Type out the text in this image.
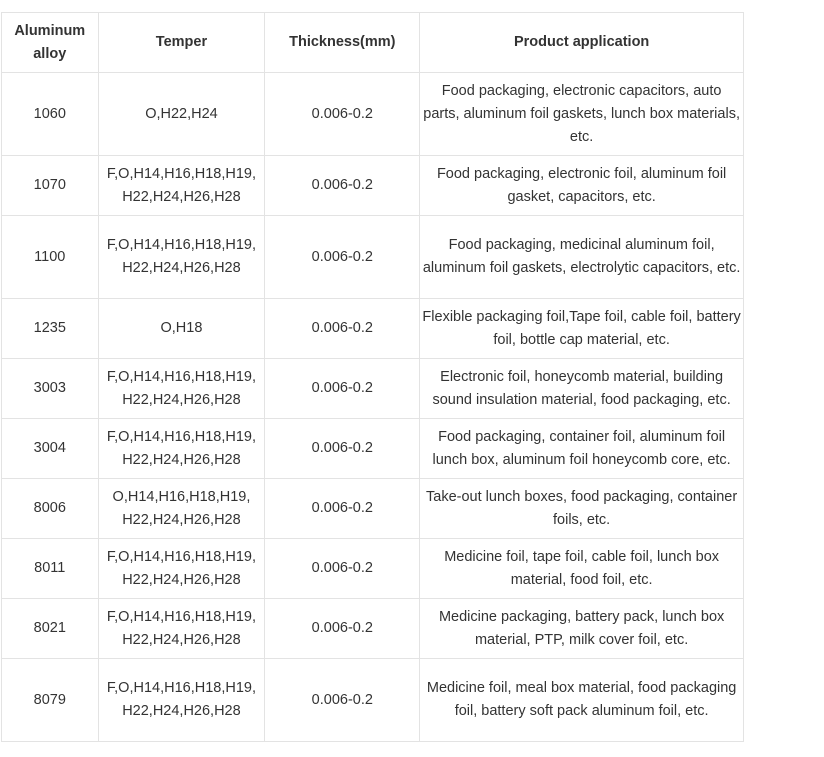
Aluminum alloy	Temper	Thickness(mm)	Product application
1060	O,H22,H24	0.006-0.2	Food packaging, electronic capacitors, auto parts, aluminum foil gaskets, lunch box materials, etc.
1070	F,O,H14,H16,H18,H19, H22,H24,H26,H28	0.006-0.2	Food packaging, electronic foil, aluminum foil gasket, capacitors, etc.
1100	F,O,H14,H16,H18,H19, H22,H24,H26,H28	0.006-0.2	Food packaging, medicinal aluminum foil, aluminum foil gaskets, electrolytic capacitors, etc.
1235	O,H18	0.006-0.2	Flexible packaging foil,Tape foil, cable foil, battery foil, bottle cap material, etc.
3003	F,O,H14,H16,H18,H19, H22,H24,H26,H28	0.006-0.2	Electronic foil, honeycomb material, building sound insulation material, food packaging, etc.
3004	F,O,H14,H16,H18,H19, H22,H24,H26,H28	0.006-0.2	Food packaging, container foil, aluminum foil lunch box, aluminum foil honeycomb core, etc.
8006	O,H14,H16,H18,H19, H22,H24,H26,H28	0.006-0.2	Take-out lunch boxes, food packaging, container foils, etc.
8011	F,O,H14,H16,H18,H19, H22,H24,H26,H28	0.006-0.2	Medicine foil, tape foil, cable foil, lunch box material, food foil, etc.
8021	F,O,H14,H16,H18,H19, H22,H24,H26,H28	0.006-0.2	Medicine packaging, battery pack, lunch box material, PTP, milk cover foil, etc.
8079	F,O,H14,H16,H18,H19, H22,H24,H26,H28	0.006-0.2	Medicine foil, meal box material, food packaging foil, battery soft pack aluminum foil, etc.
